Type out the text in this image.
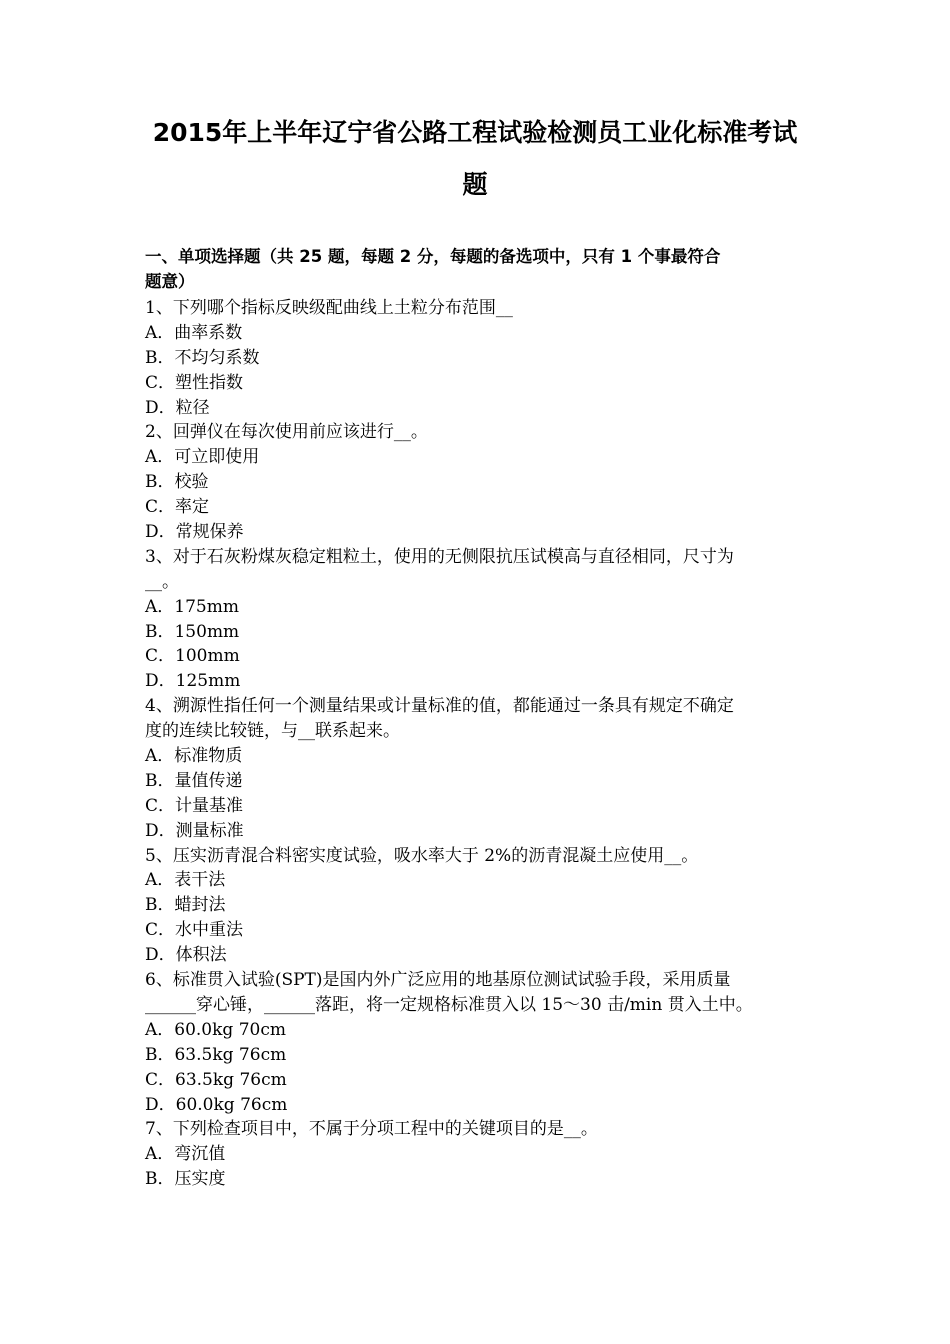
2015年上半年辽宁省公路工程试验检测员工业化标准考试
题
一、单项选择题（共 25 题，每题 2 分，每题的备选项中，只有 1 个事最符合
题意）
1、下列哪个指标反映级配曲线上土粒分布范围__
A．曲率系数
B．不均匀系数
C．塑性指数
D．粒径
2、回弹仪在每次使用前应该进行__。
A．可立即使用
B．校验
C．率定
D．常规保养
3、对于石灰粉煤灰稳定粗粒土，使用的无侧限抗压试模高与直径相同，尺寸为
__。
A．175mm
B．150mm
C．100mm
D．125mm
4、溯源性指任何一个测量结果或计量标准的值，都能通过一条具有规定不确定
度的连续比较链，与__联系起来。
A．标准物质
B．量值传递
C．计量基准
D．测量标准
5、压实沥青混合料密实度试验，吸水率大于 2%的沥青混凝土应使用__。
A．表干法
B．蜡封法
C．水中重法
D．体积法
6、标准贯入试验(SPT)是国内外广泛应用的地基原位测试试验手段，采用质量
______穿心锤，______落距，将一定规格标准贯入以 15～30 击/min 贯入土中。
A．60.0kg 70cm
B．63.5kg 76cm
C．63.5kg 76cm
D．60.0kg 76cm
7、下列检查项目中，不属于分项工程中的关键项目的是__。
A．弯沉值
B．压实度
